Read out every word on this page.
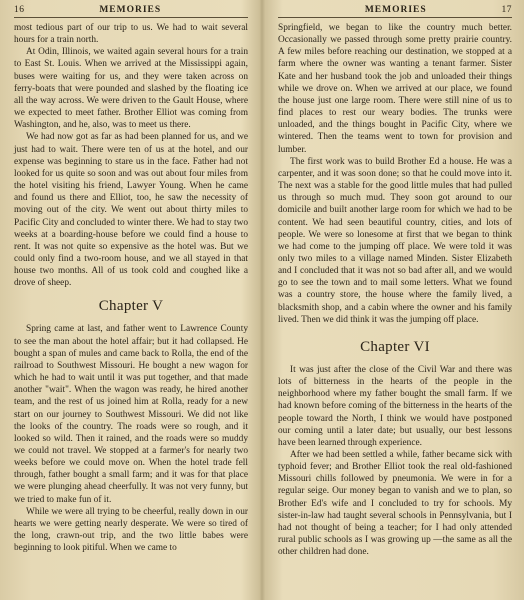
16	MEMORIES

most tedious part of our trip to us. We had to wait several hours for a train north.

At Odin, Illinois, we waited again several hours for a train to East St. Louis. When we arrived at the Mississippi again, buses were waiting for us, and they were taken across on ferry-boats that were pounded and slashed by the floating ice all the way across. We were driven to the Gault House, where we expected to meet father. Brother Elliot was coming from Washington, and he, also, was to meet us there.

We had now got as far as had been planned for us, and we just had to wait. There were ten of us at the hotel, and our expense was beginning to stare us in the face. Father had not looked for us quite so soon and was out about four miles from the hotel visiting his friend, Lawyer Young. When he came and found us there and Elliot, too, he saw the necessity of moving out of the city. We went out about thirty miles to Pacific City and concluded to winter there. We had to stay two weeks at a boarding-house before we could find a house to rent. It was not quite so expensive as the hotel was. But we could only find a two-room house, and we all stayed in that house two months. All of us took cold and coughed like a drove of sheep.

Chapter V

Spring came at last, and father went to Lawrence County to see the man about the hotel affair; but it had collapsed. He bought a span of mules and came back to Rolla, the end of the railroad to Southwest Missouri. He bought a new wagon for which he had to wait until it was put together, and that made another "wait". When the wagon was ready, he hired another team, and the rest of us joined him at Rolla, ready for a new start on our journey to Southwest Missouri. We did not like the looks of the country. The roads were so rough, and it looked so wild. Then it rained, and the roads were so muddy we could not travel. We stopped at a farmer's for nearly two weeks before we could move on. When the hotel trade fell through, father bought a small farm; and it was for that place we were plunging ahead cheerfully. It was not very funny, but we tried to make fun of it.

While we were all trying to be cheerful, really down in our hearts we were getting nearly desperate. We were so tired of the long, crawn-out trip, and the two little babes were beginning to look pitiful. When we came to

MEMORIES	17

Springfield, we began to like the country much better. Occasionally we passed through some pretty prairie country. A few miles before reaching our destination, we stopped at a farm where the owner was wanting a tenant farmer. Sister Kate and her husband took the job and unloaded their things while we drove on. When we arrived at our place, we found the house just one large room. There were still nine of us to find places to rest our weary bodies. The trunks were unloaded, and the things bought in Pacific City, where we wintered. Then the teams went to town for provision and lumber.

The first work was to build Brother Ed a house. He was a carpenter, and it was soon done; so that he could move into it. The next was a stable for the good little mules that had pulled us through so much mud. They soon got around to our domicile and built another large room for which we had to be content. We had seen beautiful country, cities, and lots of people. We were so lonesome at first that we began to think we had come to the jumping off place. We were told it was only two miles to a village named Minden. Sister Elizabeth and I concluded that it was not so bad after all, and we would go to see the town and to mail some letters. What we found was a country store, the house where the family lived, a blacksmith shop, and a cabin where the owner and his family lived. Then we did think it was the jumping off place.

Chapter VI

It was just after the close of the Civil War and there was lots of bitterness in the hearts of the people in the neighborhood where my father bought the small farm. If we had known before coming of the bitterness in the hearts of the people toward the North, I think we would have postponed our coming until a later date; but usually, our best lessons have been learned through experience.

After we had been settled a while, father became sick with typhoid fever; and Brother Elliot took the real old-fashioned Missouri chills followed by pneumonia. We were in for a regular seige. Our money began to vanish and we to plan, so Brother Ed's wife and I concluded to try for schools. My sister-in-law had taught several schools in Pennsylvania, but I had not thought of being a teacher; for I had only attended rural public schools as I was growing up —the same as all the other children had done.
